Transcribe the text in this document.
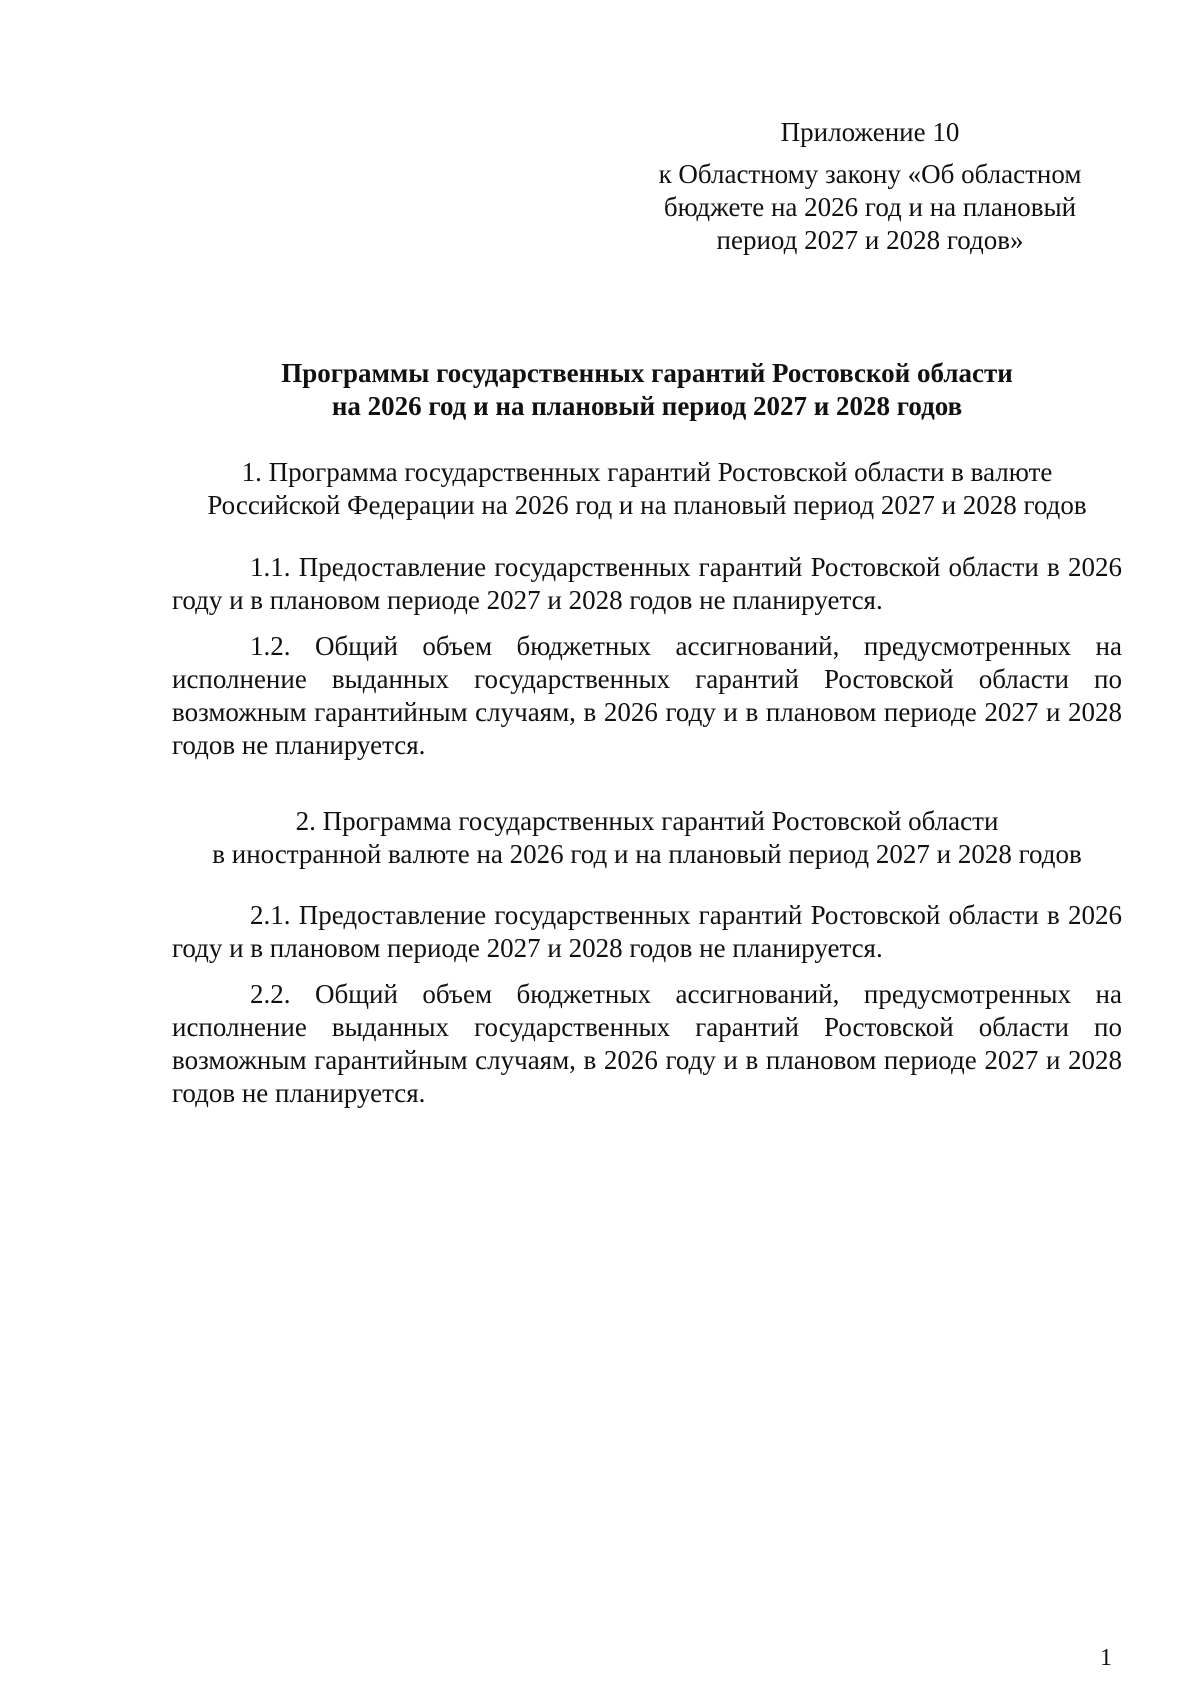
Приложение 10
к Областному закону «Об областном
бюджете на 2026 год и на плановый
период 2027 и 2028 годов»
Программы государственных гарантий Ростовской области
на 2026 год и на плановый период 2027 и 2028 годов
1. Программа государственных гарантий Ростовской области в валюте
Российской Федерации на 2026 год и на плановый период 2027 и 2028 годов

1.1. Предоставление государственных гарантий Ростовской области в 2026 году и в плановом периоде 2027 и 2028 годов не планируется.

1.2. Общий объем бюджетных ассигнований, предусмотренных на исполнение выданных государственных гарантий Ростовской области по возможным гарантийным случаям, в 2026 году и в плановом периоде 2027 и 2028 годов не планируется.

2. Программа государственных гарантий Ростовской области
в иностранной валюте на 2026 год и на плановый период 2027 и 2028 годов

2.1. Предоставление государственных гарантий Ростовской области в 2026 году и в плановом периоде 2027 и 2028 годов не планируется.

2.2. Общий объем бюджетных ассигнований, предусмотренных на исполнение выданных государственных гарантий Ростовской области по возможным гарантийным случаям, в 2026 году и в плановом периоде 2027 и 2028 годов не планируется.

1
